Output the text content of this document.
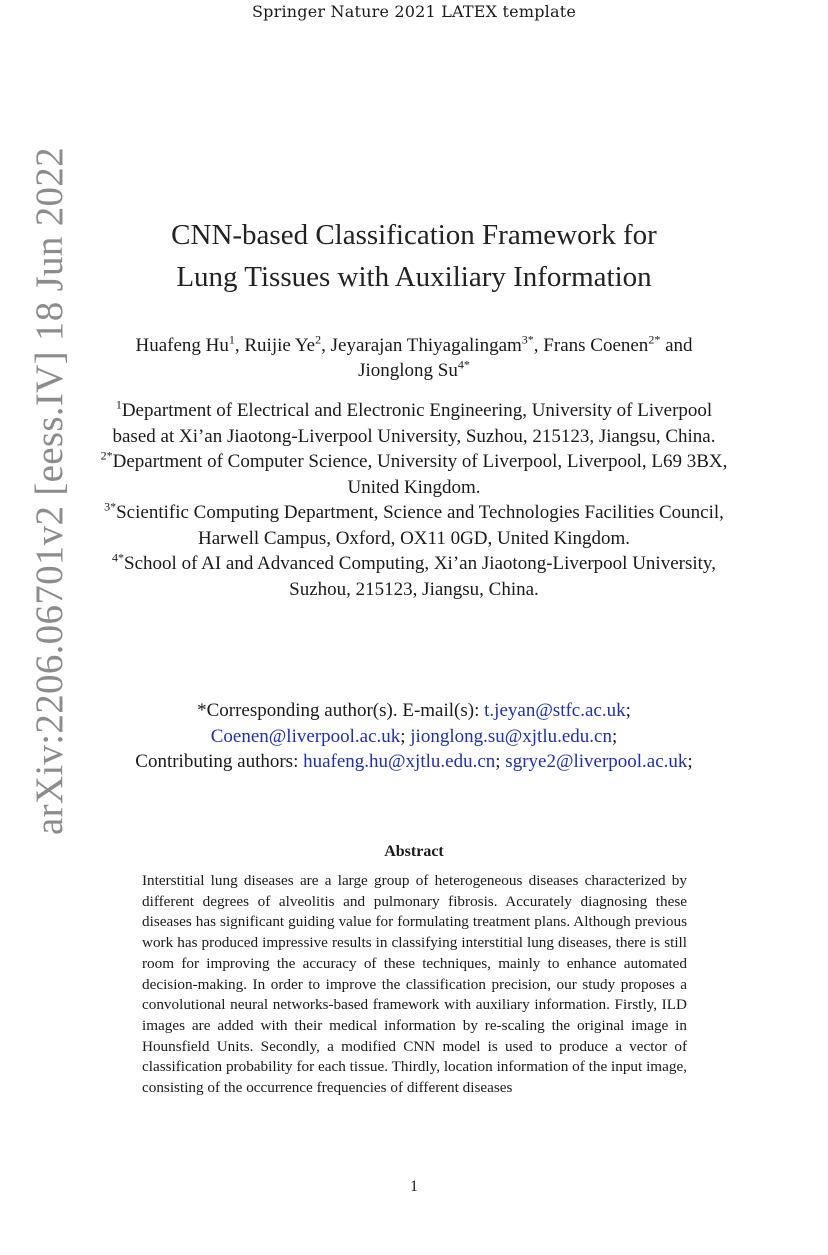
Springer Nature 2021 LATEX template
arXiv:2206.06701v2 [eess.IV] 18 Jun 2022	CNN-based Classification Framework for
Lung Tissues with Auxiliary Information
Huafeng Hu$^1$, Ruijie Ye$^2$, Jeyarajan Thiyagalingam$^{3*}$, Frans Coenen$^{2*}$ and Jionglong $Su^{4*}$
$^1$Department of Electrical and Electronic Engineering, University of Liverpool based at Xi’an Jiaotong-Liverpool University, Suzhou, 215123, Jiangsu, China.
$^{2*}$Department of Computer Science, University of Liverpool, Liverpool, L69 3BX, United Kingdom.
$^{3*}$Scientific Computing Department, Science and Technologies Facilities Council, Harwell Campus, Oxford, OX11 0GD, United Kingdom.
$^{4*}$School of AI and Advanced Computing, Xi’an Jiaotong-Liverpool University, Suzhou, 215123, Jiangsu, China.
*Corresponding author(s). E-mail(s): t.jeyan@stfc.ac.uk; Coenen@liverpool.ac.uk; jionglong.su@xjtlu.edu.cn;
Contributing authors: huafeng.hu@xjtlu.edu.cn; sgrye2@liverpool.ac.uk;
Abstract

Interstitial lung diseases are a large group of heterogeneous diseases characterized by different degrees of alveolitis and pulmonary fibrosis. Accurately diagnosing these diseases has significant guiding value for formulating treatment plans. Although previous work has produced impressive results in classifying interstitial lung diseases, there is still room for improving the accuracy of these techniques, mainly to enhance automated decision-making. In order to improve the classification precision, our study proposes a convolutional neural networks-based framework with auxiliary information. Firstly, ILD images are added with their medical information by re-scaling the original image in Hounsfield Units. Secondly, a modified CNN model is used to produce a vector of classification probability for each tissue. Thirdly, location information of the input image, consisting of the occurrence frequencies of different diseases

1
